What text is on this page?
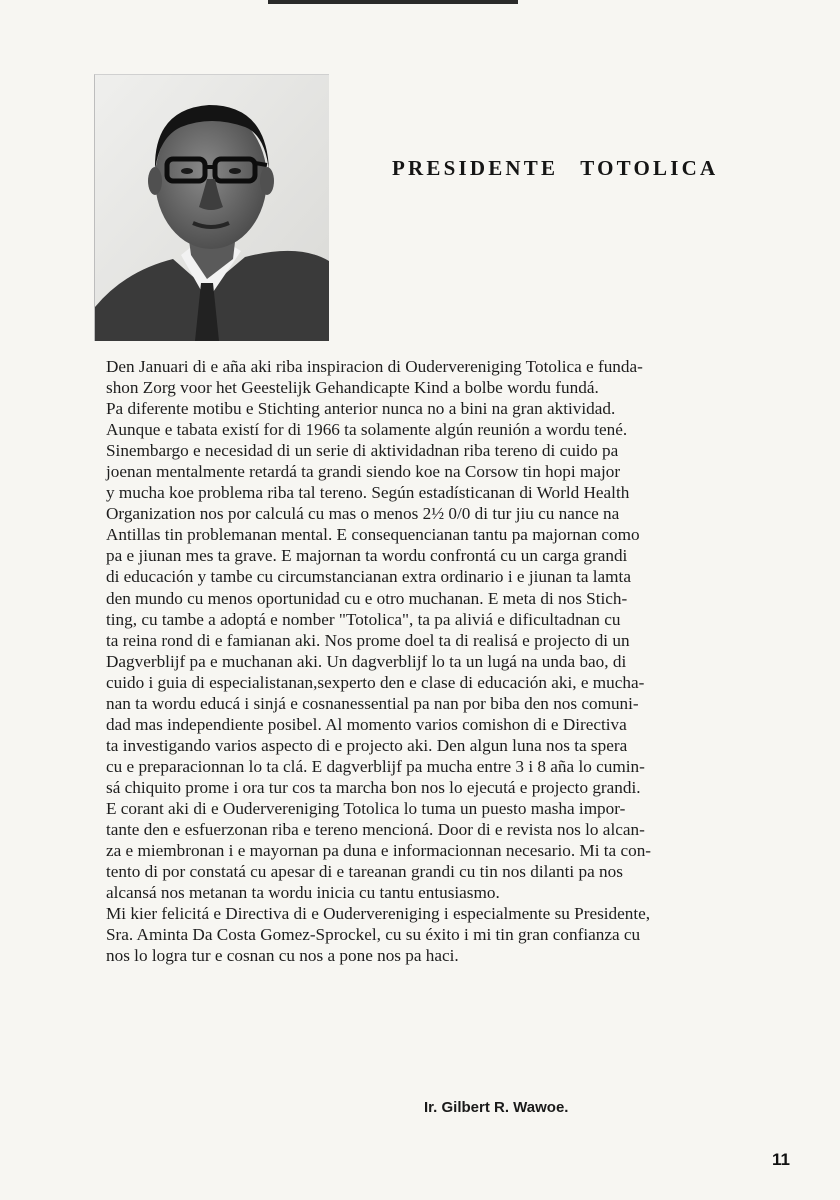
PRESIDENTE TOTOLICA
Den Januari di e aña aki riba inspiracion di Oudervereniging Totolica e funda-
shon Zorg voor het Geestelijk Gehandicapte Kind a bolbe wordu fundá.
Pa diferente motibu e Stichting anterior nunca no a bini na gran aktividad.
Aunque e tabata existí for di 1966 ta solamente algún reunión a wordu tené.
Sinembargo e necesidad di un serie di aktividadnan riba tereno di cuido pa
joenan mentalmente retardá ta grandi siendo koe na Corsow tin hopi major
y mucha koe problema riba tal tereno. Según estadísticanan di World Health
Organization nos por calculá cu mas o menos 2½ 0/0 di tur jiu cu nance na
Antillas tin problemanan mental. E consequencianan tantu pa majornan como
pa e jiunan mes ta grave. E majornan ta wordu confrontá cu un carga grandi
di educación y tambe cu circumstancianan extra ordinario i e jiunan ta lamta
den mundo cu menos oportunidad cu e otro muchanan. E meta di nos Stich-
ting, cu tambe a adoptá e nomber "Totolica", ta pa aliviá e dificultadnan cu
ta reina rond di e famianan aki. Nos prome doel ta di realisá e projecto di un
Dagverblijf pa e muchanan aki. Un dagverblijf lo ta un lugá na unda bao, di
cuido i guia di especialistanan,sexperto den e clase di educación aki, e mucha-
nan ta wordu educá i sinjá e cosnanessential pa nan por biba den nos comuni-
dad mas independiente posibel. Al momento varios comishon di e Directiva
ta investigando varios aspecto di e projecto aki. Den algun luna nos ta spera
cu e preparacionnan lo ta clá. E dagverblijf pa mucha entre 3 i 8 aña lo cumin-
sá chiquito prome i ora tur cos ta marcha bon nos lo ejecutá e projecto grandi.
E corant aki di e Oudervereniging Totolica lo tuma un puesto masha impor-
tante den e esfuerzonan riba e tereno mencioná. Door di e revista nos lo alcan-
za e miembronan i e mayornan pa duna e informacionnan necesario. Mi ta con-
tento di por constatá cu apesar di e tareanan grandi cu tin nos dilanti pa nos
alcansá nos metanan ta wordu inicia cu tantu entusiasmo.
Mi kier felicitá e Directiva di e Oudervereniging i especialmente su Presidente,
Sra. Aminta Da Costa Gomez-Sprockel, cu su éxito i mi tin gran confianza cu
nos lo logra tur e cosnan cu nos a pone nos pa haci.
Ir. Gilbert R. Wawoe.
11
